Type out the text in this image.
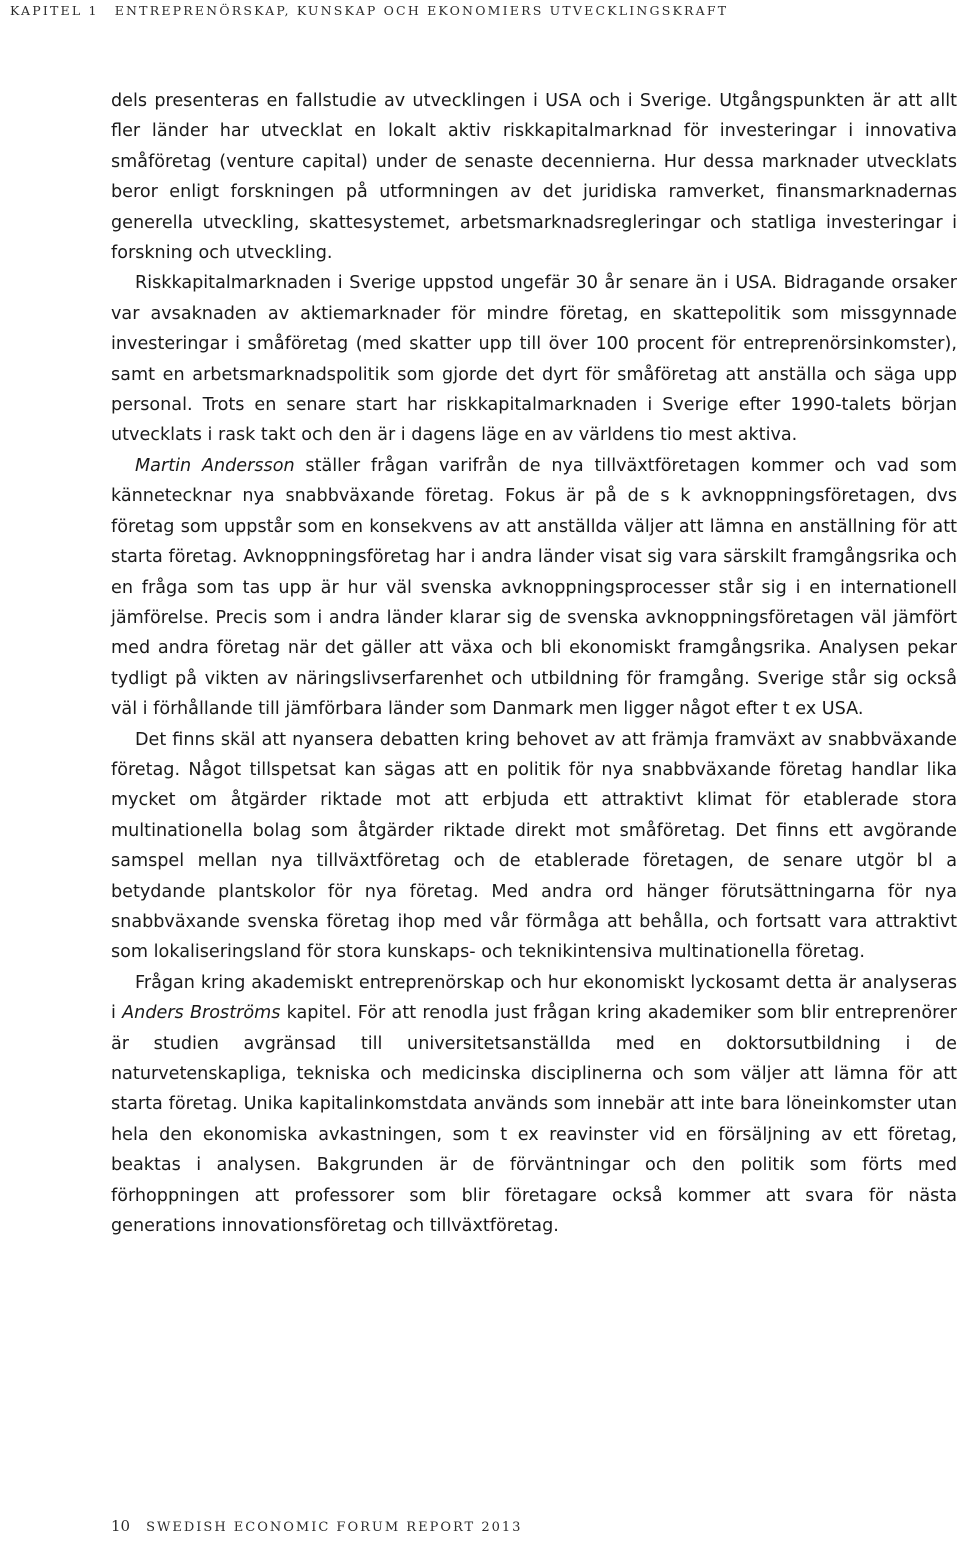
KAPITEL 1 ENTREPRENÖRSKAP, KUNSKAP OCH EKONOMIERS UTVECKLINGSKRAFT

dels presenteras en fallstudie av utvecklingen i USA och i Sverige. Utgångspunkten är att allt fler länder har utvecklat en lokalt aktiv riskkapitalmarknad för investeringar i innovativa småföretag (venture capital) under de senaste decennierna. Hur dessa marknader utvecklats beror enligt forskningen på utformningen av det juridiska ramverket, finansmarknadernas generella utveckling, skattesystemet, arbetsmarknadsregleringar och statliga investeringar i forskning och utveckling.

Riskkapitalmarknaden i Sverige uppstod ungefär 30 år senare än i USA. Bidragande orsaker var avsaknaden av aktiemarknader för mindre företag, en skattepolitik som missgynnade investeringar i småföretag (med skatter upp till över 100 procent för entreprenörsinkomster), samt en arbetsmarknadspolitik som gjorde det dyrt för småföretag att anställa och säga upp personal. Trots en senare start har riskkapitalmarknaden i Sverige efter 1990-talets början utvecklats i rask takt och den är i dagens läge en av världens tio mest aktiva.

Martin Andersson ställer frågan varifrån de nya tillväxtföretagen kommer och vad som kännetecknar nya snabbväxande företag. Fokus är på de s k avknoppningsföretagen, dvs företag som uppstår som en konsekvens av att anställda väljer att lämna en anställning för att starta företag. Avknoppningsföretag har i andra länder visat sig vara särskilt framgångsrika och en fråga som tas upp är hur väl svenska avknoppningsprocesser står sig i en internationell jämförelse. Precis som i andra länder klarar sig de svenska avknoppningsföretagen väl jämfört med andra företag när det gäller att växa och bli ekonomiskt framgångsrika. Analysen pekar tydligt på vikten av näringslivserfarenhet och utbildning för framgång. Sverige står sig också väl i förhållande till jämförbara länder som Danmark men ligger något efter t ex USA.

Det finns skäl att nyansera debatten kring behovet av att främja framväxt av snabbväxande företag. Något tillspetsat kan sägas att en politik för nya snabbväxande företag handlar lika mycket om åtgärder riktade mot att erbjuda ett attraktivt klimat för etablerade stora multinationella bolag som åtgärder riktade direkt mot småföretag. Det finns ett avgörande samspel mellan nya tillväxtföretag och de etablerade företagen, de senare utgör bl a betydande plantskolor för nya företag. Med andra ord hänger förutsättningarna för nya snabbväxande svenska företag ihop med vår förmåga att behålla, och fortsatt vara attraktivt som lokaliseringsland för stora kunskaps- och teknikintensiva multinationella företag.

Frågan kring akademiskt entreprenörskap och hur ekonomiskt lyckosamt detta är analyseras i Anders Broströms kapitel. För att renodla just frågan kring akademiker som blir entreprenörer är studien avgränsad till universitetsanställda med en doktorsutbildning i de naturvetenskapliga, tekniska och medicinska disciplinerna och som väljer att lämna för att starta företag. Unika kapitalinkomstdata används som innebär att inte bara löneinkomster utan hela den ekonomiska avkastningen, som t ex reavinster vid en försäljning av ett företag, beaktas i analysen. Bakgrunden är de förväntningar och den politik som förts med förhoppningen att professorer som blir företagare också kommer att svara för nästa generations innovationsföretag och tillväxtföretag.

10 SWEDISH ECONOMIC FORUM REPORT 2013
